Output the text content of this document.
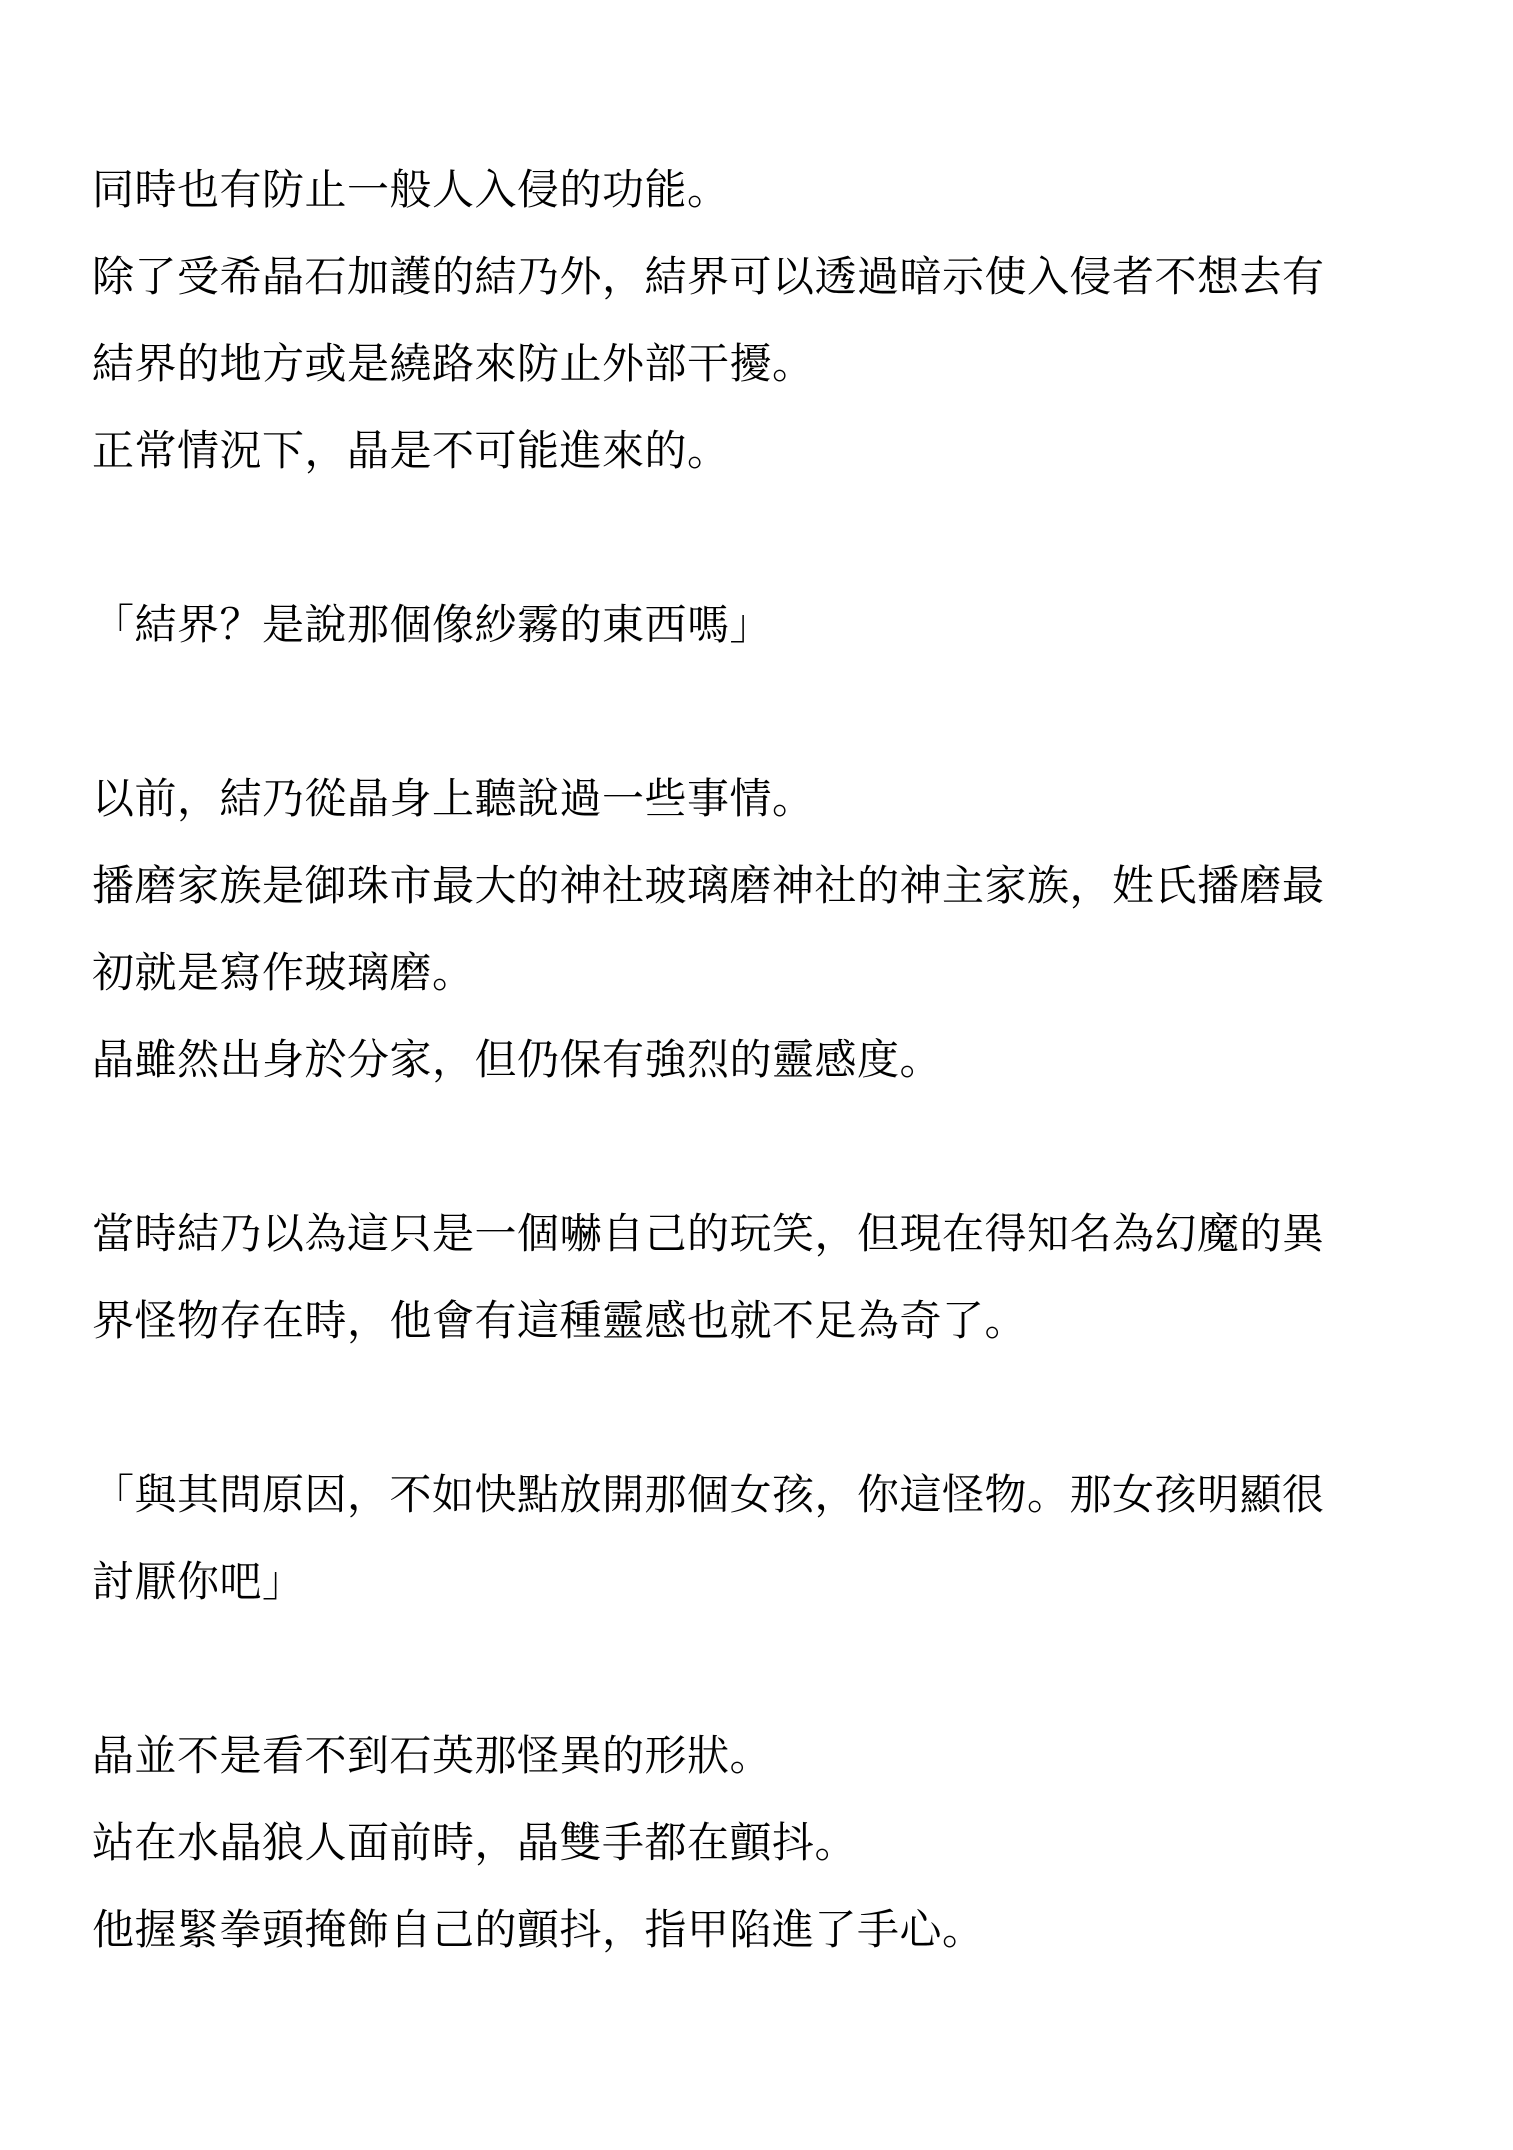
同時也有防止一般人入侵的功能。
除了受希晶石加護的結乃外，結界可以透過暗示使入侵者不想去有
結界的地方或是繞路來防止外部干擾。
正常情況下，晶是不可能進來的。
「結界？是說那個像紗霧的東西嗎」
以前，結乃從晶身上聽說過一些事情。
播磨家族是御珠市最大的神社玻璃磨神社的神主家族，姓氏播磨最
初就是寫作玻璃磨。
晶雖然出身於分家，但仍保有強烈的靈感度。
當時結乃以為這只是一個嚇自己的玩笑，但現在得知名為幻魔的異
界怪物存在時，他會有這種靈感也就不足為奇了。
「與其問原因，不如快點放開那個女孩，你這怪物。那女孩明顯很
討厭你吧」
晶並不是看不到石英那怪異的形狀。
站在水晶狼人面前時，晶雙手都在顫抖。
他握緊拳頭掩飾自己的顫抖，指甲陷進了手心。
